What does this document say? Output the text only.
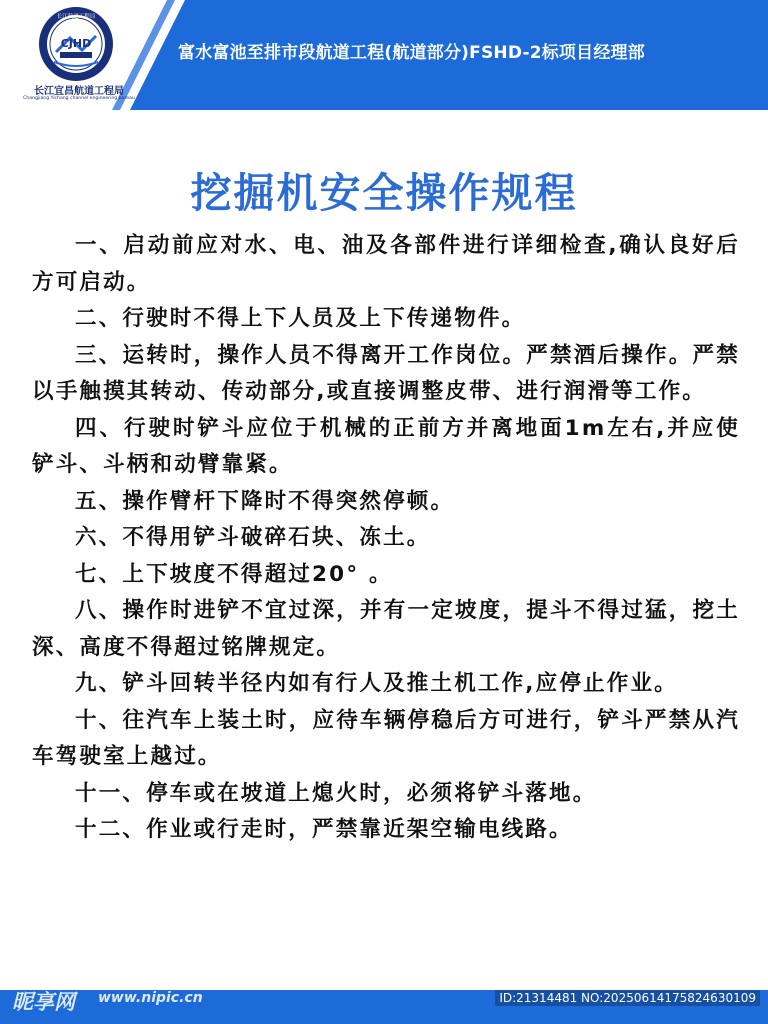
CJHD
长江航道工程局
长江宜昌航道工程局
Changjiang Yichang channel engineering bureau
富水富池至排市段航道工程(航道部分)FSHD-2标项目经理部
挖掘机安全操作规程

一、启动前应对水、电、油及各部件进行详细检查,确认良好后方可启动。

二、行驶时不得上下人员及上下传递物件。

三、运转时，操作人员不得离开工作岗位。严禁酒后操作。严禁以手触摸其转动、传动部分,或直接调整皮带、进行润滑等工作。

四、行驶时铲斗应位于机械的正前方并离地面1m左右,并应使铲斗、斗柄和动臂靠紧。

五、操作臂杆下降时不得突然停顿。

六、不得用铲斗破碎石块、冻土。

七、上下坡度不得超过20° 。

八、操作时进铲不宜过深，并有一定坡度，提斗不得过猛，挖土深、高度不得超过铭牌规定。

九、铲斗回转半径内如有行人及推土机工作,应停止作业。

十、往汽车上装土时，应待车辆停稳后方可进行，铲斗严禁从汽车驾驶室上越过。

十一、停车或在坡道上熄火时，必须将铲斗落地。

十二、作业或行走时，严禁靠近架空输电线路。

昵享网 www.nipic.cn	ID:21314481 NO:20250614175824630109
